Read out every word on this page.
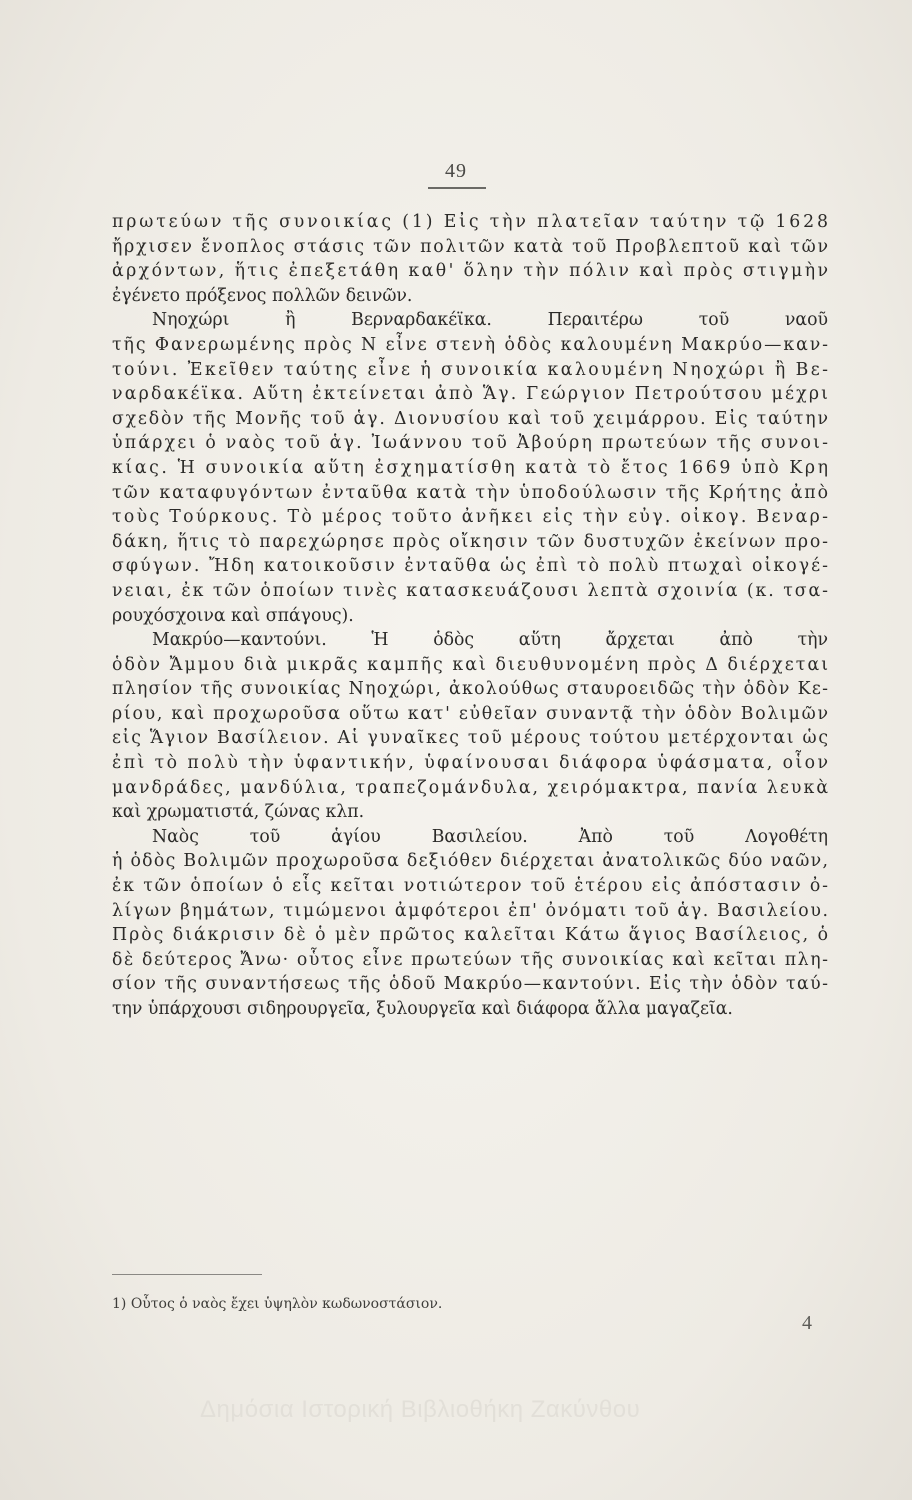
49
πρωτεύων τῆς συνοικίας (1) Εἰς τὴν πλατεῖαν ταύτην τῷ 1628
ἤρχισεν ἔνοπλος στάσις τῶν πολιτῶν κατὰ τοῦ Προβλεπτοῦ καὶ τῶν
ἀρχόντων, ἥτις ἐπεξετάθη καθ' ὅλην τὴν πόλιν καὶ πρὸς στιγμὴν
ἐγένετο πρόξενος πολλῶν δεινῶν.
Νηοχώρι ἢ Βερναρδακέϊκα. Περαιτέρω τοῦ ναοῦ
τῆς Φανερωμένης πρὸς Ν εἶνε στενὴ ὁδὸς καλουμένη Μακρύο—καν-
τούνι. Ἐκεῖθεν ταύτης εἶνε ἡ συνοικία καλουμένη Νηοχώρι ἢ Βε-
ναρδακέϊκα. Αὕτη ἐκτείνεται ἀπὸ Ἅγ. Γεώργιον Πετρούτσου μέχρι
σχεδὸν τῆς Μονῆς τοῦ ἁγ. Διονυσίου καὶ τοῦ χειμάρρου. Εἰς ταύτην
ὑπάρχει ὁ ναὸς τοῦ ἁγ. Ἰωάννου τοῦ Ἀβούρη πρωτεύων τῆς συνοι-
κίας. Ἡ συνοικία αὕτη ἐσχηματίσθη κατὰ τὸ ἔτος 1669 ὑπὸ Κρη
τῶν καταφυγόντων ἐνταῦθα κατὰ τὴν ὑποδούλωσιν τῆς Κρήτης ἀπὸ
τοὺς Τούρκους. Τὸ μέρος τοῦτο ἀνῆκει εἰς τὴν εὐγ. οἰκογ. Βεναρ-
δάκη, ἥτις τὸ παρεχώρησε πρὸς οἴκησιν τῶν δυστυχῶν ἐκείνων προ-
σφύγων. Ἤδη κατοικοῦσιν ἐνταῦθα ὡς ἐπὶ τὸ πολὺ πτωχαὶ οἰκογέ-
νειαι, ἐκ τῶν ὁποίων τινὲς κατασκευάζουσι λεπτὰ σχοινία (κ. τσα-
ρουχόσχοινα καὶ σπάγους).
Μακρύο—καντούνι. Ἡ ὁδὸς αὕτη ἄρχεται ἀπὸ τὴν
ὁδὸν Ἄμμου διὰ μικρᾶς καμπῆς καὶ διευθυνομένη πρὸς Δ διέρχεται
πλησίον τῆς συνοικίας Νηοχώρι, ἀκολούθως σταυροειδῶς τὴν ὁδὸν Κε-
ρίου, καὶ προχωροῦσα οὕτω κατ' εὐθεῖαν συναντᾷ τὴν ὁδὸν Βολιμῶν
εἰς Ἅγιον Βασίλειον. Αἱ γυναῖκες τοῦ μέρους τούτου μετέρχονται ὡς
ἐπὶ τὸ πολὺ τὴν ὑφαντικήν, ὑφαίνουσαι διάφορα ὑφάσματα, οἷον
μανδράδες, μανδύλια, τραπεζομάνδυλα, χειρόμακτρα, πανία λευκὰ
καὶ χρωματιστά, ζώνας κλπ.
Ναὸς τοῦ ἁγίου Βασιλείου. Ἀπὸ τοῦ Λογοθέτη
ἡ ὁδὸς Βολιμῶν προχωροῦσα δεξιόθεν διέρχεται ἀνατολικῶς δύο ναῶν,
ἐκ τῶν ὁποίων ὁ εἷς κεῖται νοτιώτερον τοῦ ἑτέρου εἰς ἀπόστασιν ὀ-
λίγων βημάτων, τιμώμενοι ἀμφότεροι ἐπ' ὀνόματι τοῦ ἁγ. Βασιλείου.
Πρὸς διάκρισιν δὲ ὁ μὲν πρῶτος καλεῖται Κάτω ἅγιος Βασίλειος, ὁ
δὲ δεύτερος Ἄνω· οὗτος εἶνε πρωτεύων τῆς συνοικίας καὶ κεῖται πλη-
σίον τῆς συναντήσεως τῆς ὁδοῦ Μακρύο—καντούνι. Εἰς τὴν ὁδὸν ταύ-
την ὑπάρχουσι σιδηρουργεῖα, ξυλουργεῖα καὶ διάφορα ἄλλα μαγαζεῖα.
1) Οὗτος ὁ ναὸς ἔχει ὑψηλὸν κωδωνοστάσιον.
4
Δημόσια Ιστορική Βιβλιοθήκη Ζακύνθου
